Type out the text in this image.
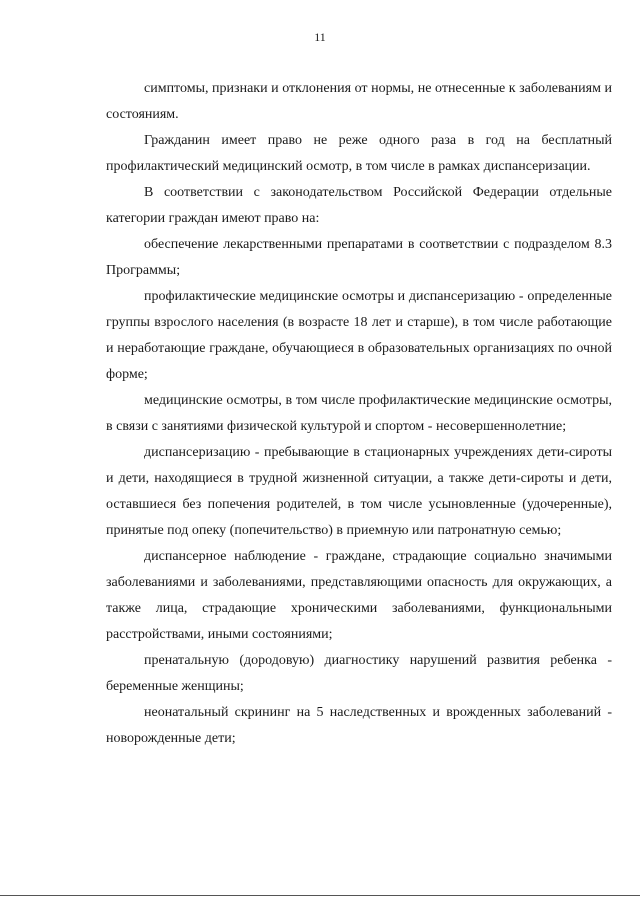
11

симптомы, признаки и отклонения от нормы, не отнесенные к заболеваниям и состояниям.

Гражданин имеет право не реже одного раза в год на бесплатный профилактический медицинский осмотр, в том числе в рамках диспансеризации.

В соответствии с законодательством Российской Федерации отдельные категории граждан имеют право на:

обеспечение лекарственными препаратами в соответствии с подразделом 8.3 Программы;

профилактические медицинские осмотры и диспансеризацию - определенные группы взрослого населения (в возрасте 18 лет и старше), в том числе работающие и неработающие граждане, обучающиеся в образовательных организациях по очной форме;

медицинские осмотры, в том числе профилактические медицинские осмотры, в связи с занятиями физической культурой и спортом - несовершеннолетние;

диспансеризацию - пребывающие в стационарных учреждениях дети-сироты и дети, находящиеся в трудной жизненной ситуации, а также дети-сироты и дети, оставшиеся без попечения родителей, в том числе усыновленные (удочеренные), принятые под опеку (попечительство) в приемную или патронатную семью;

диспансерное наблюдение - граждане, страдающие социально значимыми заболеваниями и заболеваниями, представляющими опасность для окружающих, а также лица, страдающие хроническими заболеваниями, функциональными расстройствами, иными состояниями;

пренатальную (дородовую) диагностику нарушений развития ребенка - беременные женщины;

неонатальный скрининг на 5 наследственных и врожденных заболеваний - новорожденные дети;
